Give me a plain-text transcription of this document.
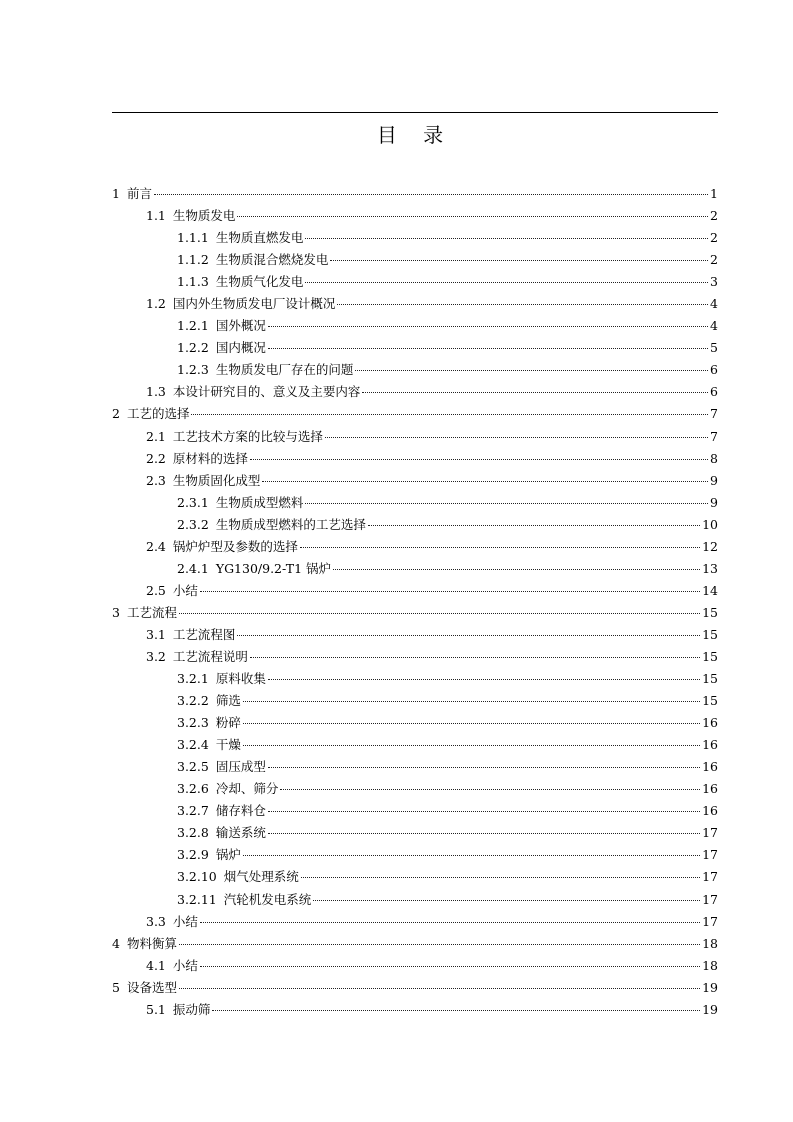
目 录
1 前言	1
1.1 生物质发电	2
1.1.1 生物质直燃发电	2
1.1.2 生物质混合燃烧发电	2
1.1.3 生物质气化发电	3
1.2 国内外生物质发电厂设计概况	4
1.2.1 国外概况	4
1.2.2 国内概况	5
1.2.3 生物质发电厂存在的问题	6
1.3 本设计研究目的、意义及主要内容	6
2 工艺的选择	7
2.1 工艺技术方案的比较与选择	7
2.2 原材料的选择	8
2.3 生物质固化成型	9
2.3.1 生物质成型燃料	9
2.3.2 生物质成型燃料的工艺选择	10
2.4 锅炉炉型及参数的选择	12
2.4.1 YG130/9.2-T1 锅炉	13
2.5 小结	14
3 工艺流程	15
3.1 工艺流程图	15
3.2 工艺流程说明	15
3.2.1 原料收集	15
3.2.2 筛选	15
3.2.3 粉碎	16
3.2.4 干燥	16
3.2.5 固压成型	16
3.2.6 冷却、筛分	16
3.2.7 储存料仓	16
3.2.8 输送系统	17
3.2.9 锅炉	17
3.2.10 烟气处理系统	17
3.2.11 汽轮机发电系统	17
3.3 小结	17
4 物料衡算	18
4.1 小结	18
5 设备选型	19
5.1 振动筛	19
